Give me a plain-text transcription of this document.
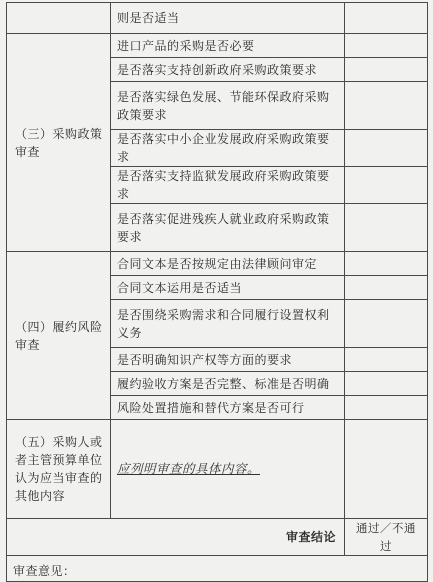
	则是否适当	
（三）采购政策审查	进口产品的采购是否必要	
	是否落实支持创新政府采购政策要求	
	是否落实绿色发展、节能环保政府采购政策要求	
	是否落实中小企业发展政府采购政策要求	
	是否落实支持监狱发展政府采购政策要求	
	是否落实促进残疾人就业政府采购政策要求	
（四）履约风险审查	合同文本是否按规定由法律顾问审定	
	合同文本运用是否适当	
	是否围绕采购需求和合同履行设置权利义务	
	是否明确知识产权等方面的要求	
	履约验收方案是否完整、标准是否明确	
	风险处置措施和替代方案是否可行	
（五）采购人或者主管预算单位认为应当审查的其他内容	应列明审查的具体内容。	
审查结论		通过／不通过
审查意见：		
